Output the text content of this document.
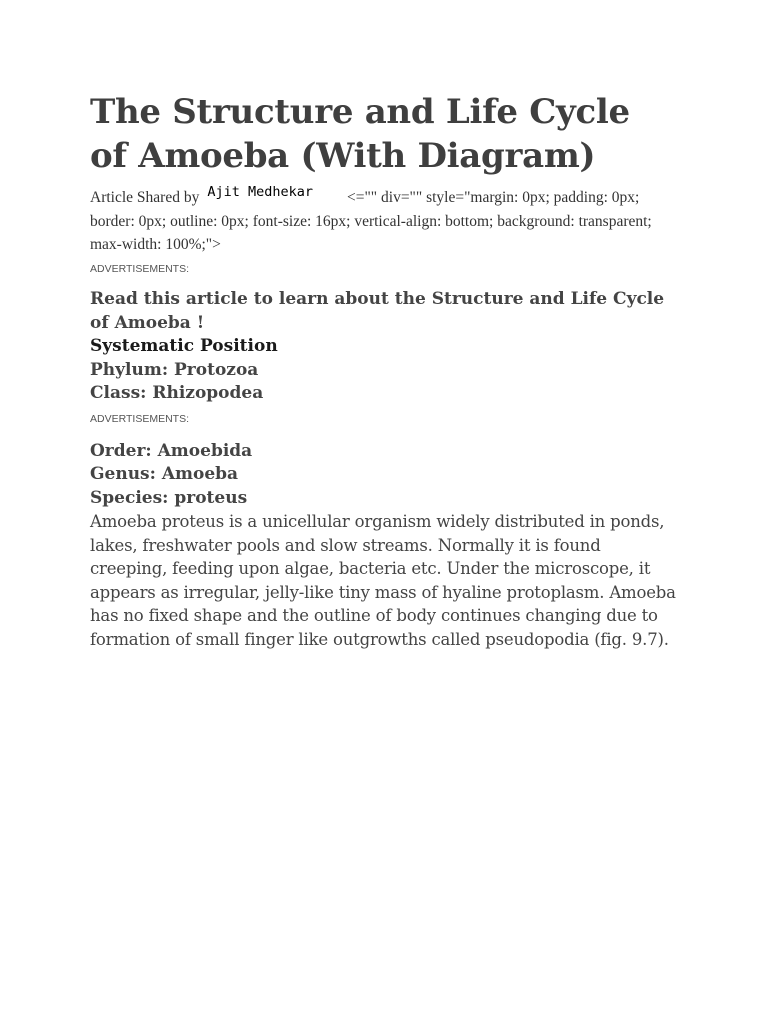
The Structure and Life Cycle of Amoeba (With Diagram)

Article Shared by Ajit Medhekar <="" div="" style="margin: 0px; padding: 0px; border: 0px; outline: 0px; font-size: 16px; vertical-align: bottom; background: transparent; max-width: 100%;">

ADVERTISEMENTS:

Read this article to learn about the Structure and Life Cycle of Amoeba !

Systematic Position

Phylum: Protozoa

Class: Rhizopodea

ADVERTISEMENTS:

Order: Amoebida

Genus: Amoeba

Species: proteus

Amoeba proteus is a unicellular organism widely distributed in ponds, lakes, freshwater pools and slow streams. Normally it is found creeping, feeding upon algae, bacteria etc. Under the microscope, it appears as irregular, jelly-like tiny mass of hyaline protoplasm. Amoeba has no fixed shape and the outline of body continues changing due to formation of small finger like outgrowths called pseudopodia (fig. 9.7).
